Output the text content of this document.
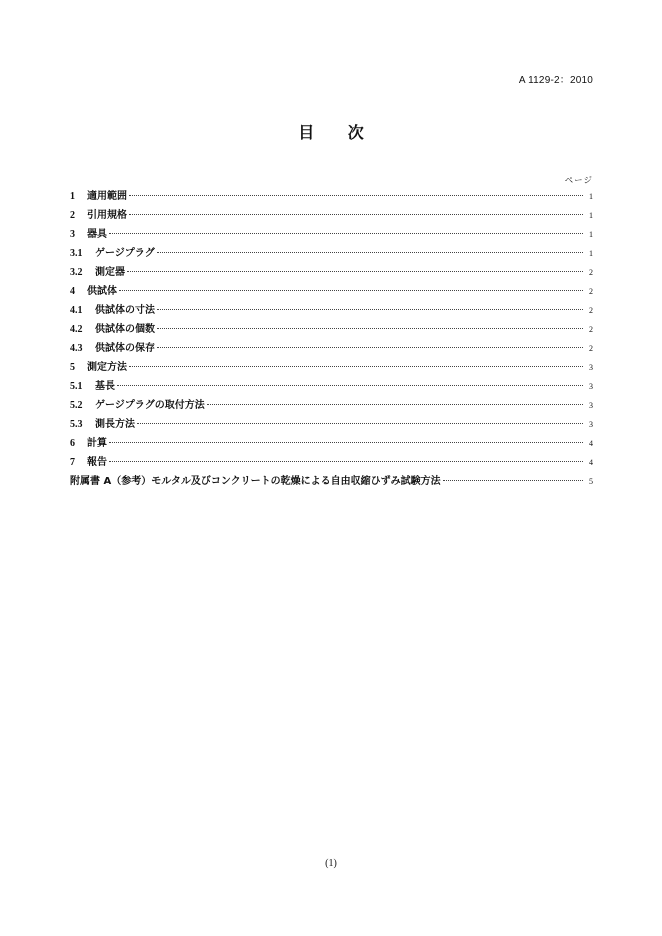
A 1129-2：2010
目 次
ページ
1	適用範囲	1
2	引用規格	1
3	器具	1
3.1	ゲージプラグ	1
3.2	測定器	2
4	供試体	2
4.1	供試体の寸法	2
4.2	供試体の個数	2
4.3	供試体の保存	2
5	測定方法	3
5.1	基長	3
5.2	ゲージプラグの取付方法	3
5.3	測長方法	3
6	計算	4
7	報告	4
附属書 A（参考）モルタル及びコンクリートの乾燥による自由収縮ひずみ試験方法	5
(1)
